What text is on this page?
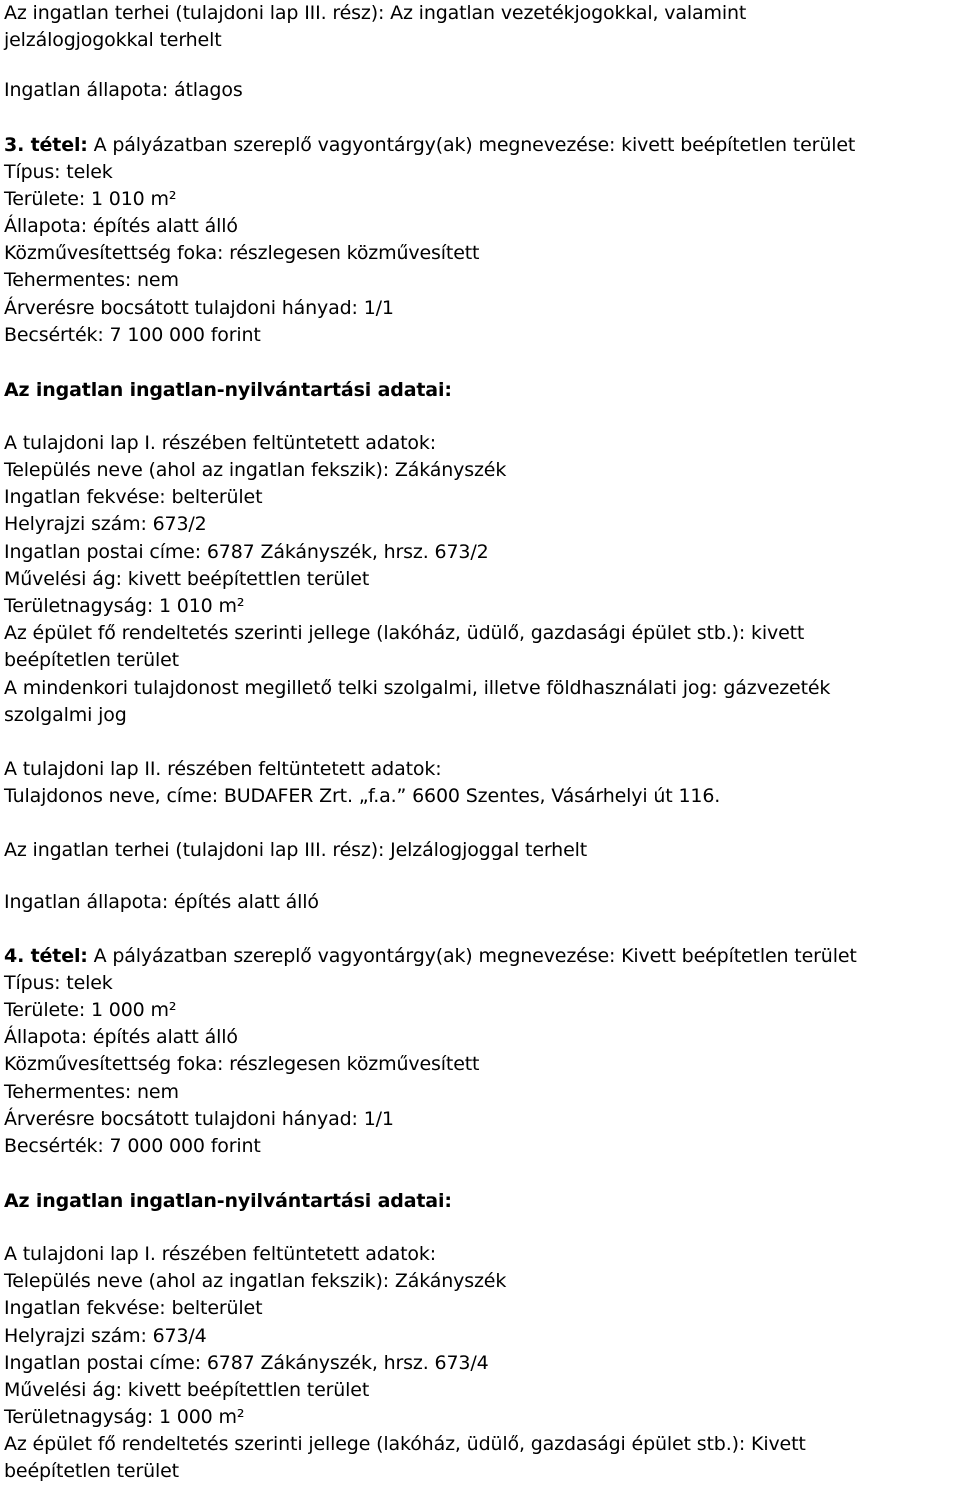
Az ingatlan terhei (tulajdoni lap III. rész): Az ingatlan vezetékjogokkal, valamint
jelzálogjogokkal terhelt
Ingatlan állapota: átlagos
3. tétel: A pályázatban szereplő vagyontárgy(ak) megnevezése: kivett beépítetlen terület
Típus: telek
Területe: 1 010 m²
Állapota: építés alatt álló
Közművesítettség foka: részlegesen közművesített
Tehermentes: nem
Árverésre bocsátott tulajdoni hányad: 1/1
Becsérték: 7 100 000 forint
Az ingatlan ingatlan-nyilvántartási adatai:
A tulajdoni lap I. részében feltüntetett adatok:
Település neve (ahol az ingatlan fekszik): Zákányszék
Ingatlan fekvése: belterület
Helyrajzi szám: 673/2
Ingatlan postai címe: 6787 Zákányszék, hrsz. 673/2
Művelési ág: kivett beépítettlen terület
Területnagyság: 1 010 m²
Az épület fő rendeltetés szerinti jellege (lakóház, üdülő, gazdasági épület stb.): kivett
beépítetlen terület
A mindenkori tulajdonost megillető telki szolgalmi, illetve földhasználati jog: gázvezeték
szolgalmi jog
A tulajdoni lap II. részében feltüntetett adatok:
Tulajdonos neve, címe: BUDAFER Zrt. „f.a.” 6600 Szentes, Vásárhelyi út 116.
Az ingatlan terhei (tulajdoni lap III. rész): Jelzálogjoggal terhelt
Ingatlan állapota: építés alatt álló
4. tétel: A pályázatban szereplő vagyontárgy(ak) megnevezése: Kivett beépítetlen terület
Típus: telek
Területe: 1 000 m²
Állapota: építés alatt álló
Közművesítettség foka: részlegesen közművesített
Tehermentes: nem
Árverésre bocsátott tulajdoni hányad: 1/1
Becsérték: 7 000 000 forint
Az ingatlan ingatlan-nyilvántartási adatai:
A tulajdoni lap I. részében feltüntetett adatok:
Település neve (ahol az ingatlan fekszik): Zákányszék
Ingatlan fekvése: belterület
Helyrajzi szám: 673/4
Ingatlan postai címe: 6787 Zákányszék, hrsz. 673/4
Művelési ág: kivett beépítettlen terület
Területnagyság: 1 000 m²
Az épület fő rendeltetés szerinti jellege (lakóház, üdülő, gazdasági épület stb.): Kivett
beépítetlen terület
